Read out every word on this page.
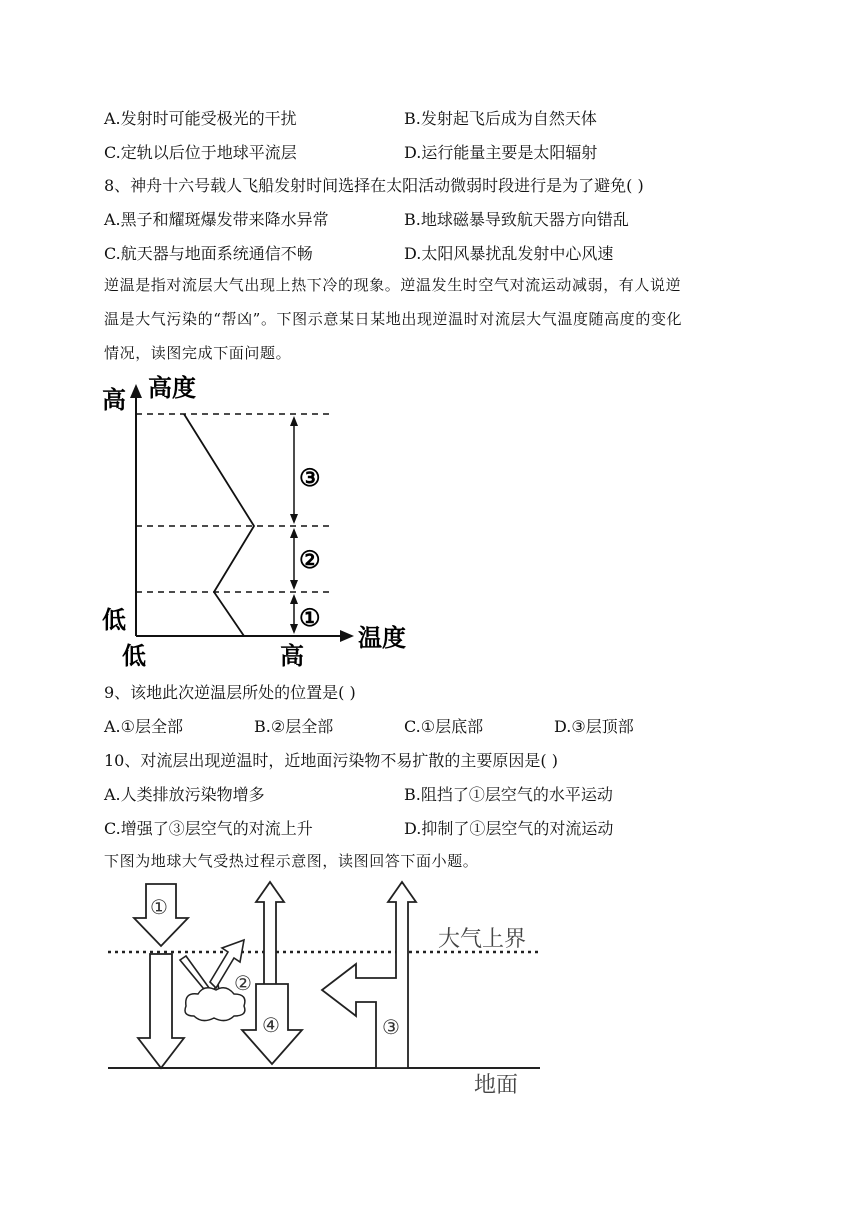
A.发射时可能受极光的干扰	B.发射起飞后成为自然天体
C.定轨以后位于地球平流层	D.运行能量主要是太阳辐射
8、神舟十六号载人飞船发射时间选择在太阳活动微弱时段进行是为了避免( )
A.黑子和耀斑爆发带来降水异常	B.地球磁暴导致航天器方向错乱
C.航天器与地面系统通信不畅	D.太阳风暴扰乱发射中心风速
逆温是指对流层大气出现上热下冷的现象。逆温发生时空气对流运动减弱，有人说逆
温是大气污染的“帮凶”。下图示意某日某地出现逆温时对流层大气温度随高度的变化
情况，读图完成下面问题。
高度
高
低
低	高
温度
③
②
①
9、该地此次逆温层所处的位置是( )
A.①层全部	B.②层全部	C.①层底部	D.③层顶部
10、对流层出现逆温时，近地面污染物不易扩散的主要原因是( )
A.人类排放污染物增多	B.阻挡了①层空气的水平运动
C.增强了③层空气的对流上升	D.抑制了①层空气的对流运动
下图为地球大气受热过程示意图，读图回答下面小题。
大气上界
地面
①
②
④	③
